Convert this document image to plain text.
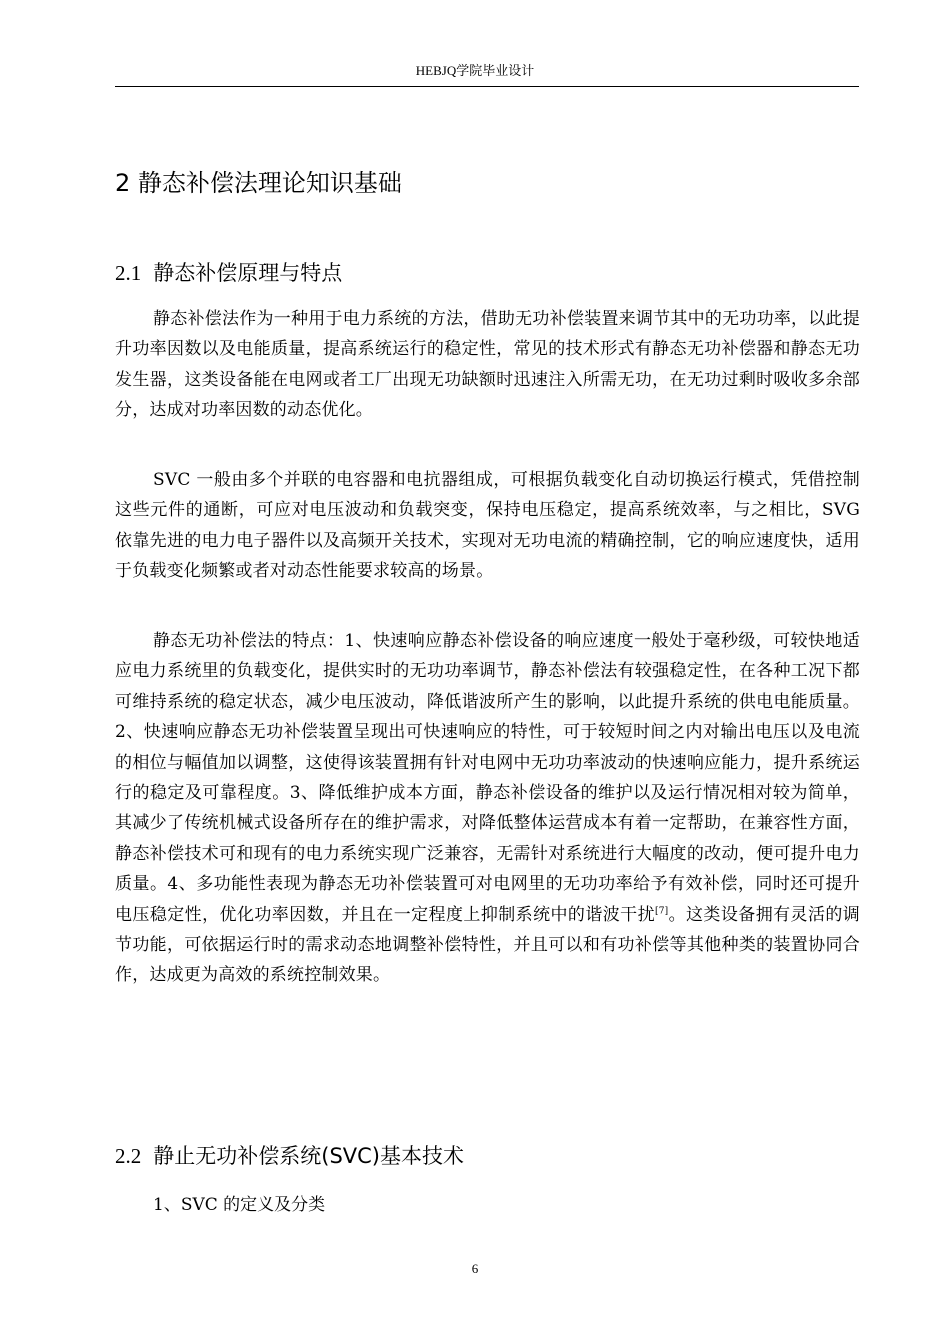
HEBJQ学院毕业设计
2 静态补偿法理论知识基础
2.1 静态补偿原理与特点

静态补偿法作为一种用于电力系统的方法，借助无功补偿装置来调节其中的无功功率，以此提升功率因数以及电能质量，提高系统运行的稳定性，常见的技术形式有静态无功补偿器和静态无功发生器，这类设备能在电网或者工厂出现无功缺额时迅速注入所需无功，在无功过剩时吸收多余部分，达成对功率因数的动态优化。

SVC 一般由多个并联的电容器和电抗器组成，可根据负载变化自动切换运行模式，凭借控制这些元件的通断，可应对电压波动和负载突变，保持电压稳定，提高系统效率，与之相比，SVG 依靠先进的电力电子器件以及高频开关技术，实现对无功电流的精确控制，它的响应速度快，适用于负载变化频繁或者对动态性能要求较高的场景。

静态无功补偿法的特点：1、快速响应静态补偿设备的响应速度一般处于毫秒级，可较快地适应电力系统里的负载变化，提供实时的无功功率调节，静态补偿法有较强稳定性，在各种工况下都可维持系统的稳定状态，减少电压波动，降低谐波所产生的影响，以此提升系统的供电电能质量。2、快速响应静态无功补偿装置呈现出可快速响应的特性，可于较短时间之内对输出电压以及电流的相位与幅值加以调整，这使得该装置拥有针对电网中无功功率波动的快速响应能力，提升系统运行的稳定及可靠程度。3、降低维护成本方面，静态补偿设备的维护以及运行情况相对较为简单，其减少了传统机械式设备所存在的维护需求，对降低整体运营成本有着一定帮助，在兼容性方面，静态补偿技术可和现有的电力系统实现广泛兼容，无需针对系统进行大幅度的改动，便可提升电力质量。4、多功能性表现为静态无功补偿装置可对电网里的无功功率给予有效补偿，同时还可提升电压稳定性，优化功率因数，并且在一定程度上抑制系统中的谐波干扰[7]。这类设备拥有灵活的调节功能，可依据运行时的需求动态地调整补偿特性，并且可以和有功补偿等其他种类的装置协同合作，达成更为高效的系统控制效果。

2.2 静止无功补偿系统(SVC)基本技术
1、SVC 的定义及分类
6
